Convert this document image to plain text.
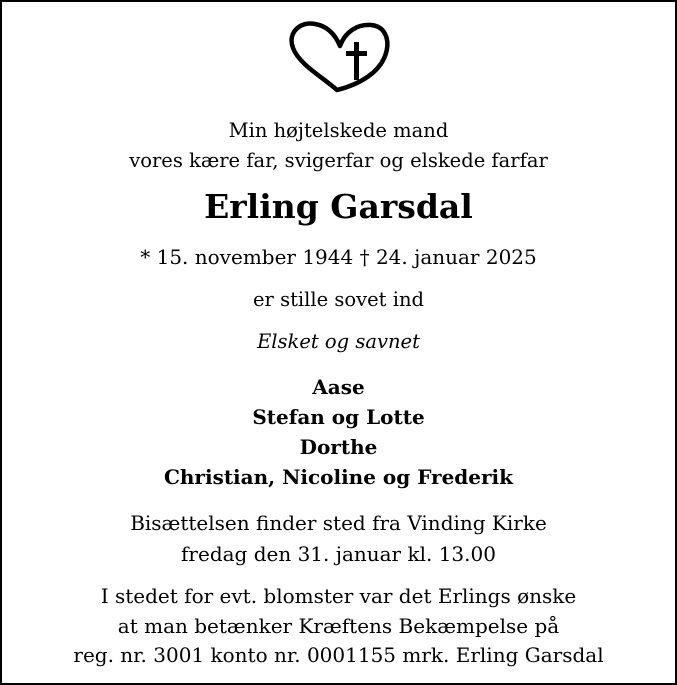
Min højtelskede mand
vores kære far, svigerfar og elskede farfar
Erling Garsdal
* 15. november 1944 † 24. januar 2025
er stille sovet ind
Elsket og savnet
Aase
Stefan og Lotte
Dorthe
Christian, Nicoline og Frederik
Bisættelsen finder sted fra Vinding Kirke
fredag den 31. januar kl. 13.00
I stedet for evt. blomster var det Erlings ønske
at man betænker Kræftens Bekæmpelse på
reg. nr. 3001 konto nr. 0001155 mrk. Erling Garsdal
